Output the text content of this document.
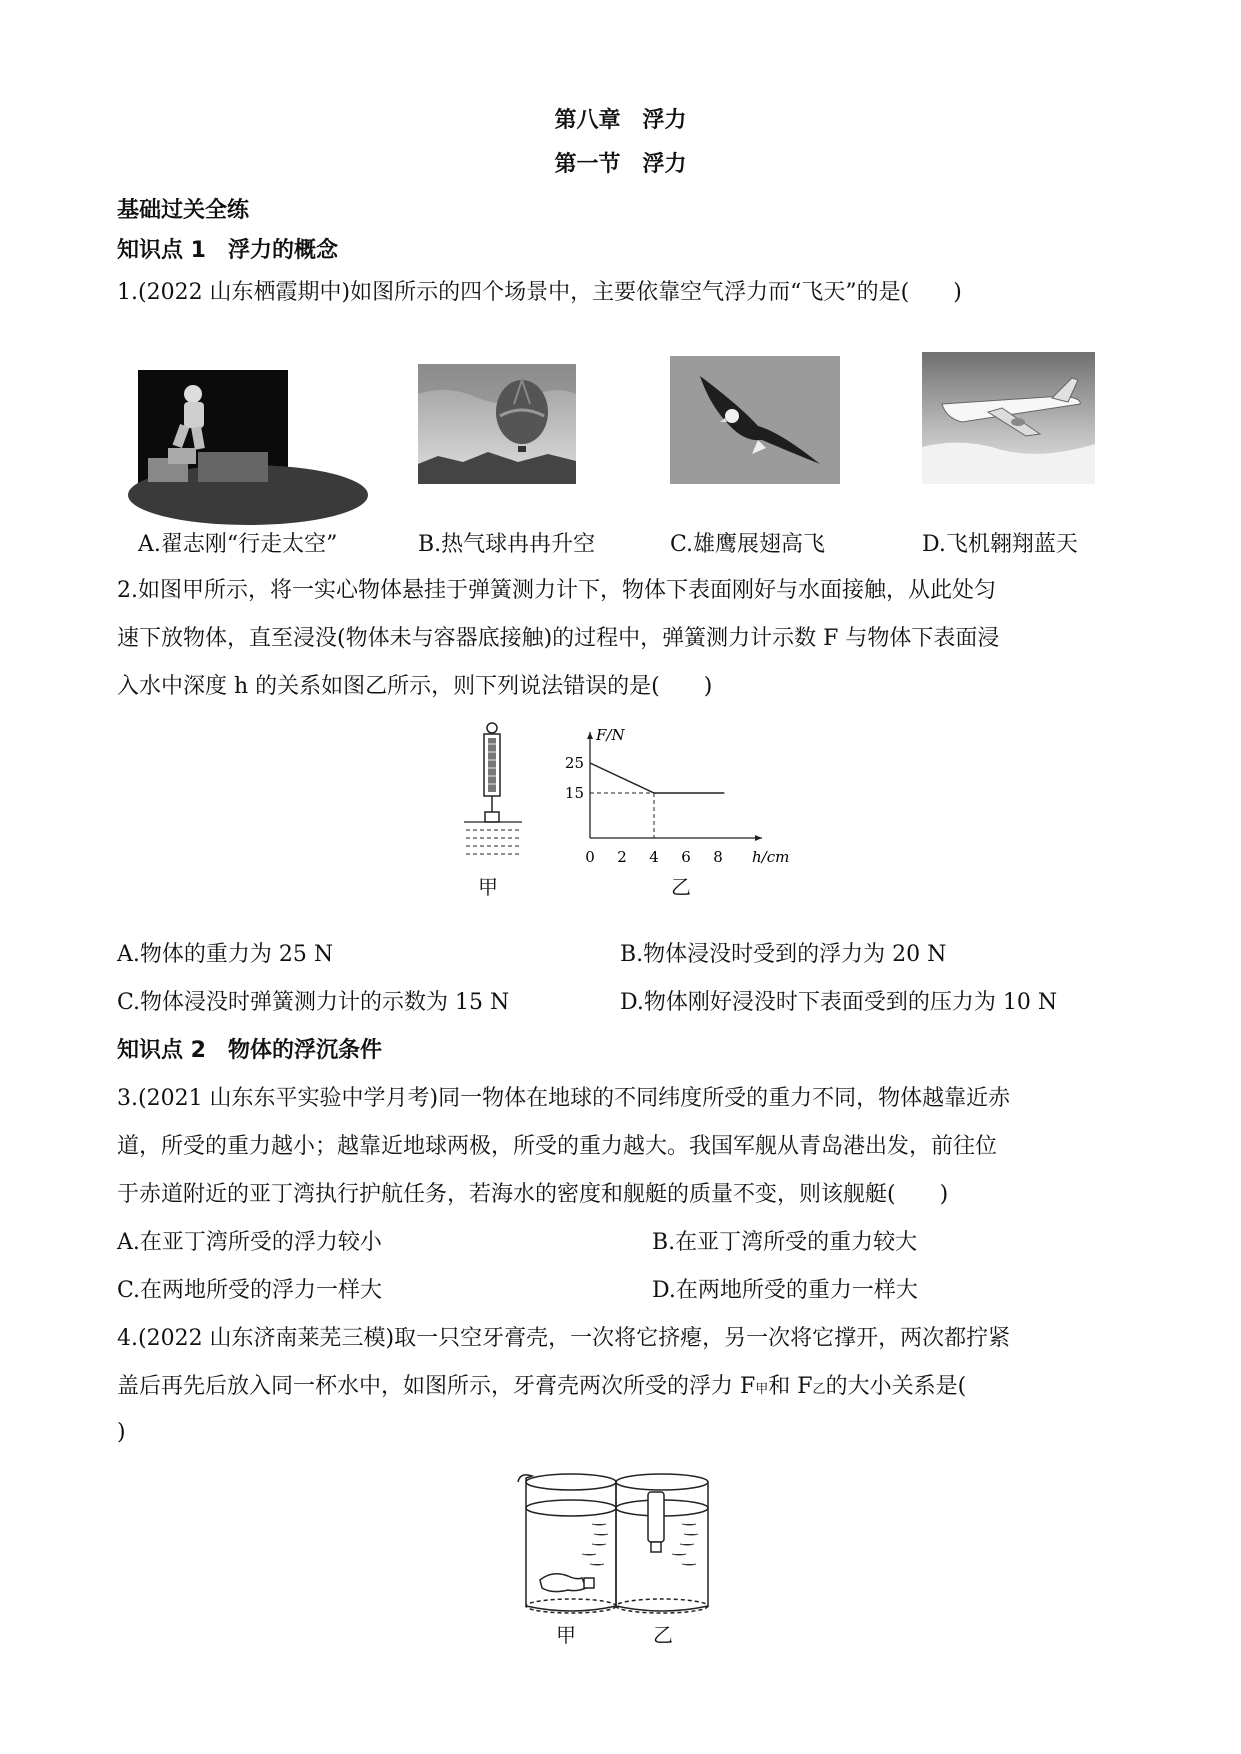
第八章　浮力
第一节　浮力
基础过关全练
知识点 1　浮力的概念
1.(2022 山东栖霞期中)如图所示的四个场景中，主要依靠空气浮力而“飞天”的是(　　)
A.翟志刚“行走太空”	B.热气球冉冉升空	C.雄鹰展翅高飞	D.飞机翱翔蓝天
2.如图甲所示，将一实心物体悬挂于弹簧测力计下，物体下表面刚好与水面接触，从此处匀
速下放物体，直至浸没(物体未与容器底接触)的过程中，弹簧测力计示数 F 与物体下表面浸
入水中深度 h 的关系如图乙所示，则下列说法错误的是(　　)
甲
F/N
h/cm
0 2 4 6 8
15
25
乙
A.物体的重力为 25 N	B.物体浸没时受到的浮力为 20 N
C.物体浸没时弹簧测力计的示数为 15 N	D.物体刚好浸没时下表面受到的压力为 10 N
知识点 2　物体的浮沉条件
3.(2021 山东东平实验中学月考)同一物体在地球的不同纬度所受的重力不同，物体越靠近赤
道，所受的重力越小；越靠近地球两极，所受的重力越大。我国军舰从青岛港出发，前往位
于赤道附近的亚丁湾执行护航任务，若海水的密度和舰艇的质量不变，则该舰艇(　　)
A.在亚丁湾所受的浮力较小	B.在亚丁湾所受的重力较大
C.在两地所受的浮力一样大	D.在两地所受的重力一样大
4.(2022 山东济南莱芜三模)取一只空牙膏壳，一次将它挤瘪，另一次将它撑开，两次都拧紧
盖后再先后放入同一杯水中，如图所示，牙膏壳两次所受的浮力 F甲和 F乙的大小关系是(
)
甲	乙
